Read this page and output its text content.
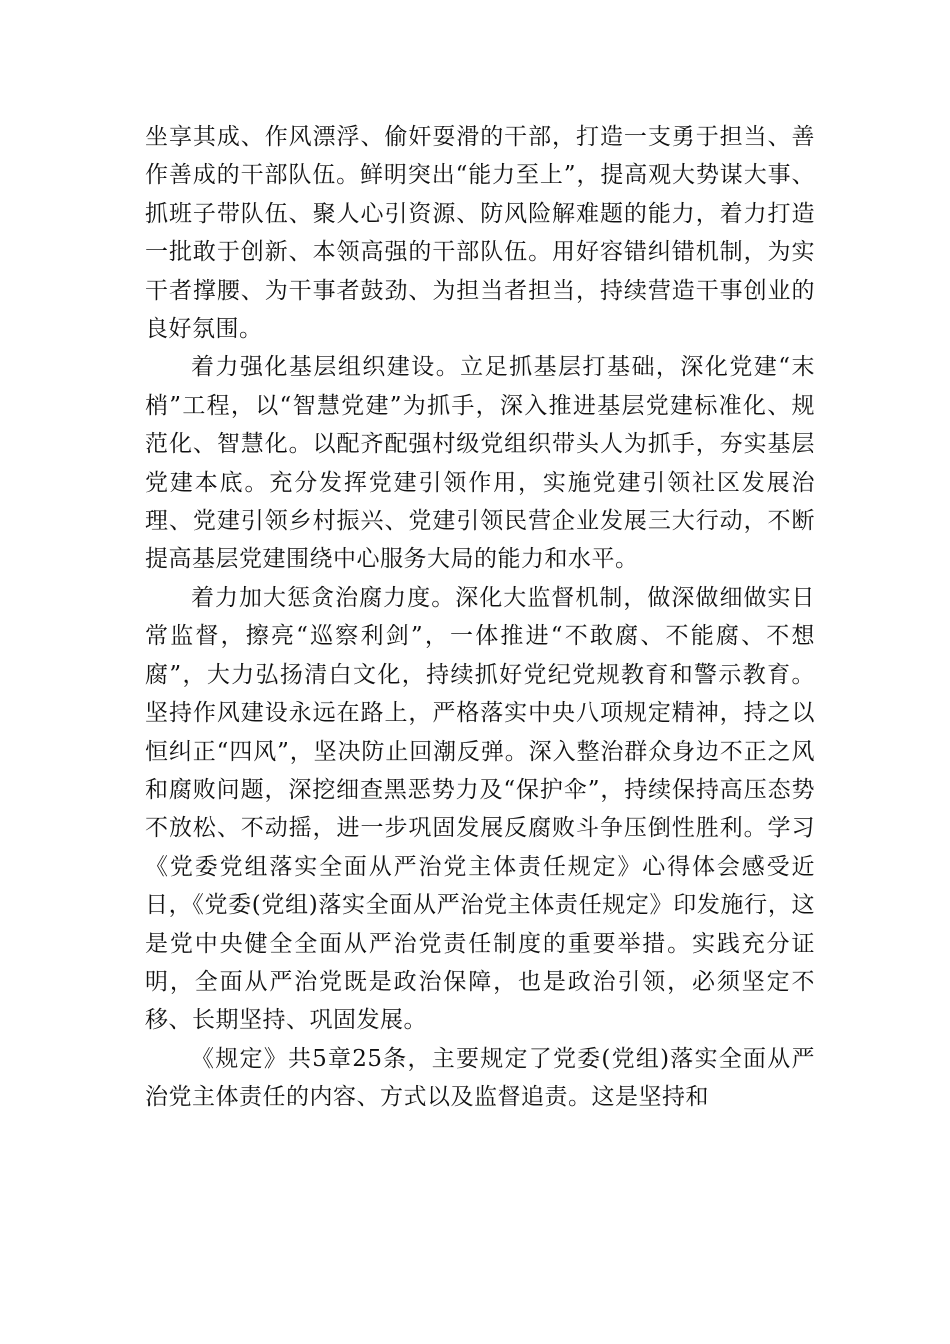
坐享其成、作风漂浮、偷奸耍滑的干部，打造一支勇于担当、善作善成的干部队伍。鲜明突出“能力至上”，提高观大势谋大事、抓班子带队伍、聚人心引资源、防风险解难题的能力，着力打造一批敢于创新、本领高强的干部队伍。用好容错纠错机制，为实干者撑腰、为干事者鼓劲、为担当者担当，持续营造干事创业的良好氛围。

着力强化基层组织建设。立足抓基层打基础，深化党建“末梢”工程，以“智慧党建”为抓手，深入推进基层党建标准化、规范化、智慧化。以配齐配强村级党组织带头人为抓手，夯实基层党建本底。充分发挥党建引领作用，实施党建引领社区发展治理、党建引领乡村振兴、党建引领民营企业发展三大行动，不断提高基层党建围绕中心服务大局的能力和水平。

着力加大惩贪治腐力度。深化大监督机制，做深做细做实日常监督，擦亮“巡察利剑”，一体推进“不敢腐、不能腐、不想腐”，大力弘扬清白文化，持续抓好党纪党规教育和警示教育。坚持作风建设永远在路上，严格落实中央八项规定精神，持之以恒纠正“四风”，坚决防止回潮反弹。深入整治群众身边不正之风和腐败问题，深挖细查黑恶势力及“保护伞”，持续保持高压态势不放松、不动摇，进一步巩固发展反腐败斗争压倒性胜利。学习《党委党组落实全面从严治党主体责任规定》心得体会感受近日，《党委(党组)落实全面从严治党主体责任规定》印发施行，这是党中央健全全面从严治党责任制度的重要举措。实践充分证明，全面从严治党既是政治保障，也是政治引领，必须坚定不移、长期坚持、巩固发展。

《规定》共5章25条，主要规定了党委(党组)落实全面从严治党主体责任的内容、方式以及监督追责。这是坚持和
